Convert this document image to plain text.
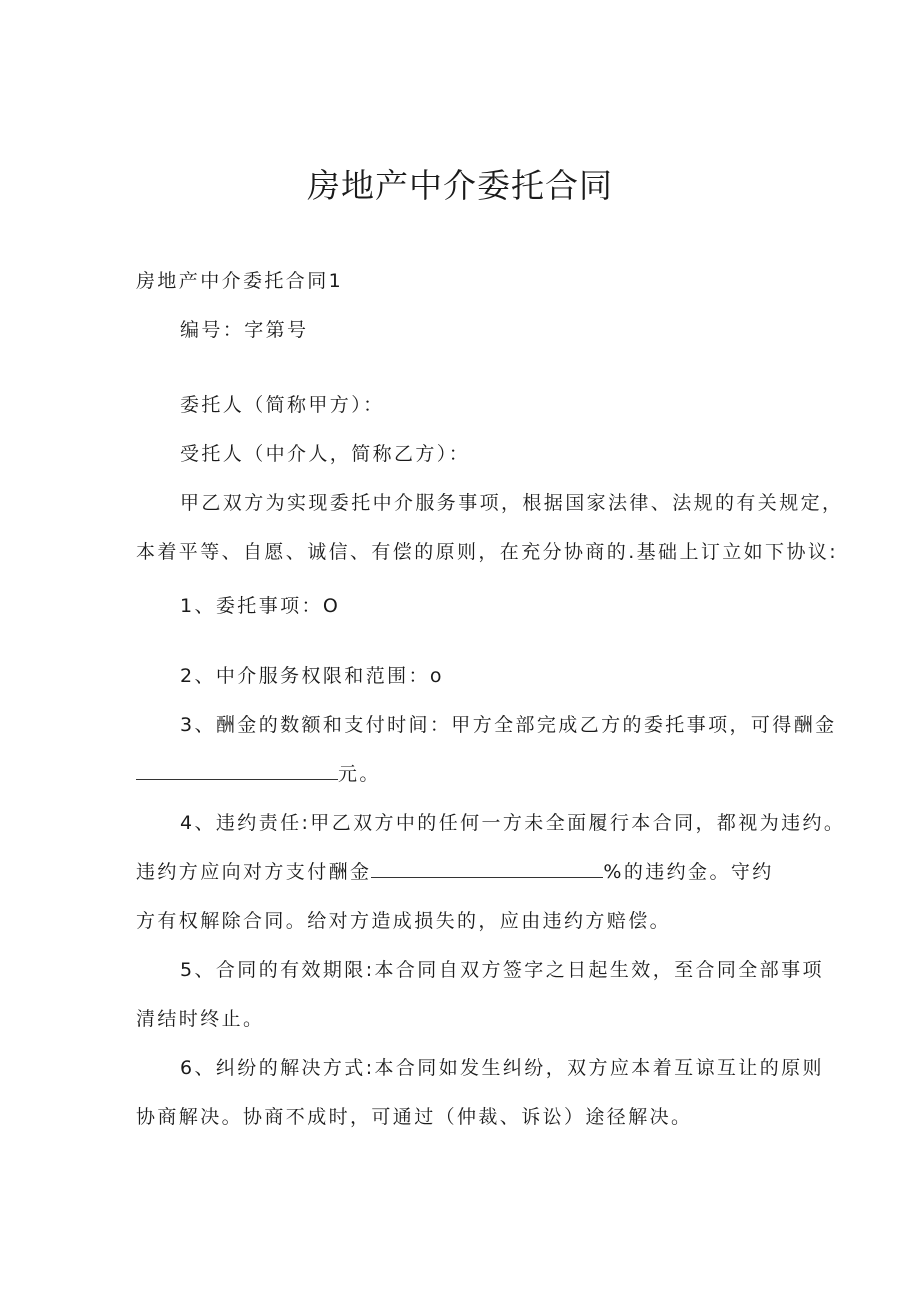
房地产中介委托合同

房地产中介委托合同1

编号：字第号

委托人（简称甲方）：

受托人（中介人，简称乙方）：

甲乙双方为实现委托中介服务事项，根据国家法律、法规的有关规定，

本着平等、自愿、诚信、有偿的原则，在充分协商的.基础上订立如下协议:

1、委托事项：O

2、中介服务权限和范围：o

3、酬金的数额和支付时间：甲方全部完成乙方的委托事项，可得酬金

元。

4、违约责任:甲乙双方中的任何一方未全面履行本合同，都视为违约。

违约方应向对方支付酬金	%的违约金。守约

方有权解除合同。给对方造成损失的，应由违约方赔偿。

5、合同的有效期限:本合同自双方签字之日起生效，至合同全部事项

清结时终止。

6、纠纷的解决方式:本合同如发生纠纷，双方应本着互谅互让的原则

协商解决。协商不成时，可通过（仲裁、诉讼）途径解决。
